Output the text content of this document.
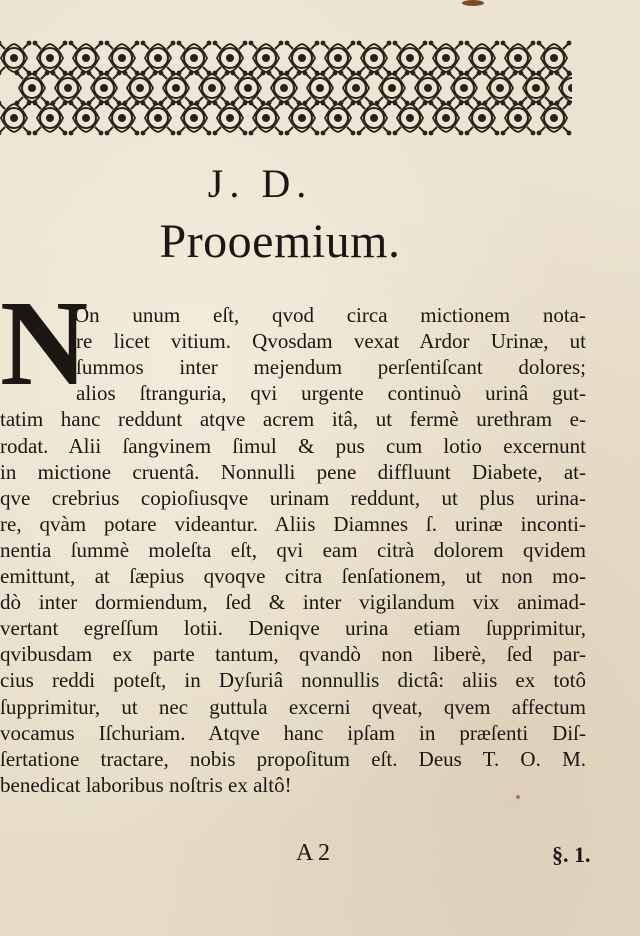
J. D.
Prooemium.
N
On unum eſt, qvod circa mictionem nota-
re licet vitium. Qvosdam vexat Ardor Urinæ, ut
ſummos inter mejendum perſentiſcant dolores;
alios ſtranguria, qvi urgente continuò urinâ gut-
tatim hanc reddunt atqve acrem itâ, ut fermè urethram e-
rodat. Alii ſangvinem ſimul & pus cum lotio excernunt
in mictione cruentâ. Nonnulli pene diffluunt Diabete, at-
qve crebrius copioſiusqve urinam reddunt, ut plus urina-
re, qvàm potare videantur. Aliis Diamnes ſ. urinæ inconti-
nentia ſummè moleſta eſt, qvi eam citrà dolorem qvidem
emittunt, at ſæpius qvoqve citra ſenſationem, ut non mo-
dò inter dormiendum, ſed & inter vigilandum vix animad-
vertant egreſſum lotii. Deniqve urina etiam ſupprimitur,
qvibusdam ex parte tantum, qvandò non liberè, ſed par-
cius reddi poteſt, in Dyſuriâ nonnullis dictâ: aliis ex totô
ſupprimitur, ut nec guttula excerni qveat, qvem affectum
vocamus Iſchuriam. Atqve hanc ipſam in præſenti Diſ-
ſertatione tractare, nobis propoſitum eſt. Deus T. O. M.
benedicat laboribus noſtris ex altô!
A 2	§. 1.
